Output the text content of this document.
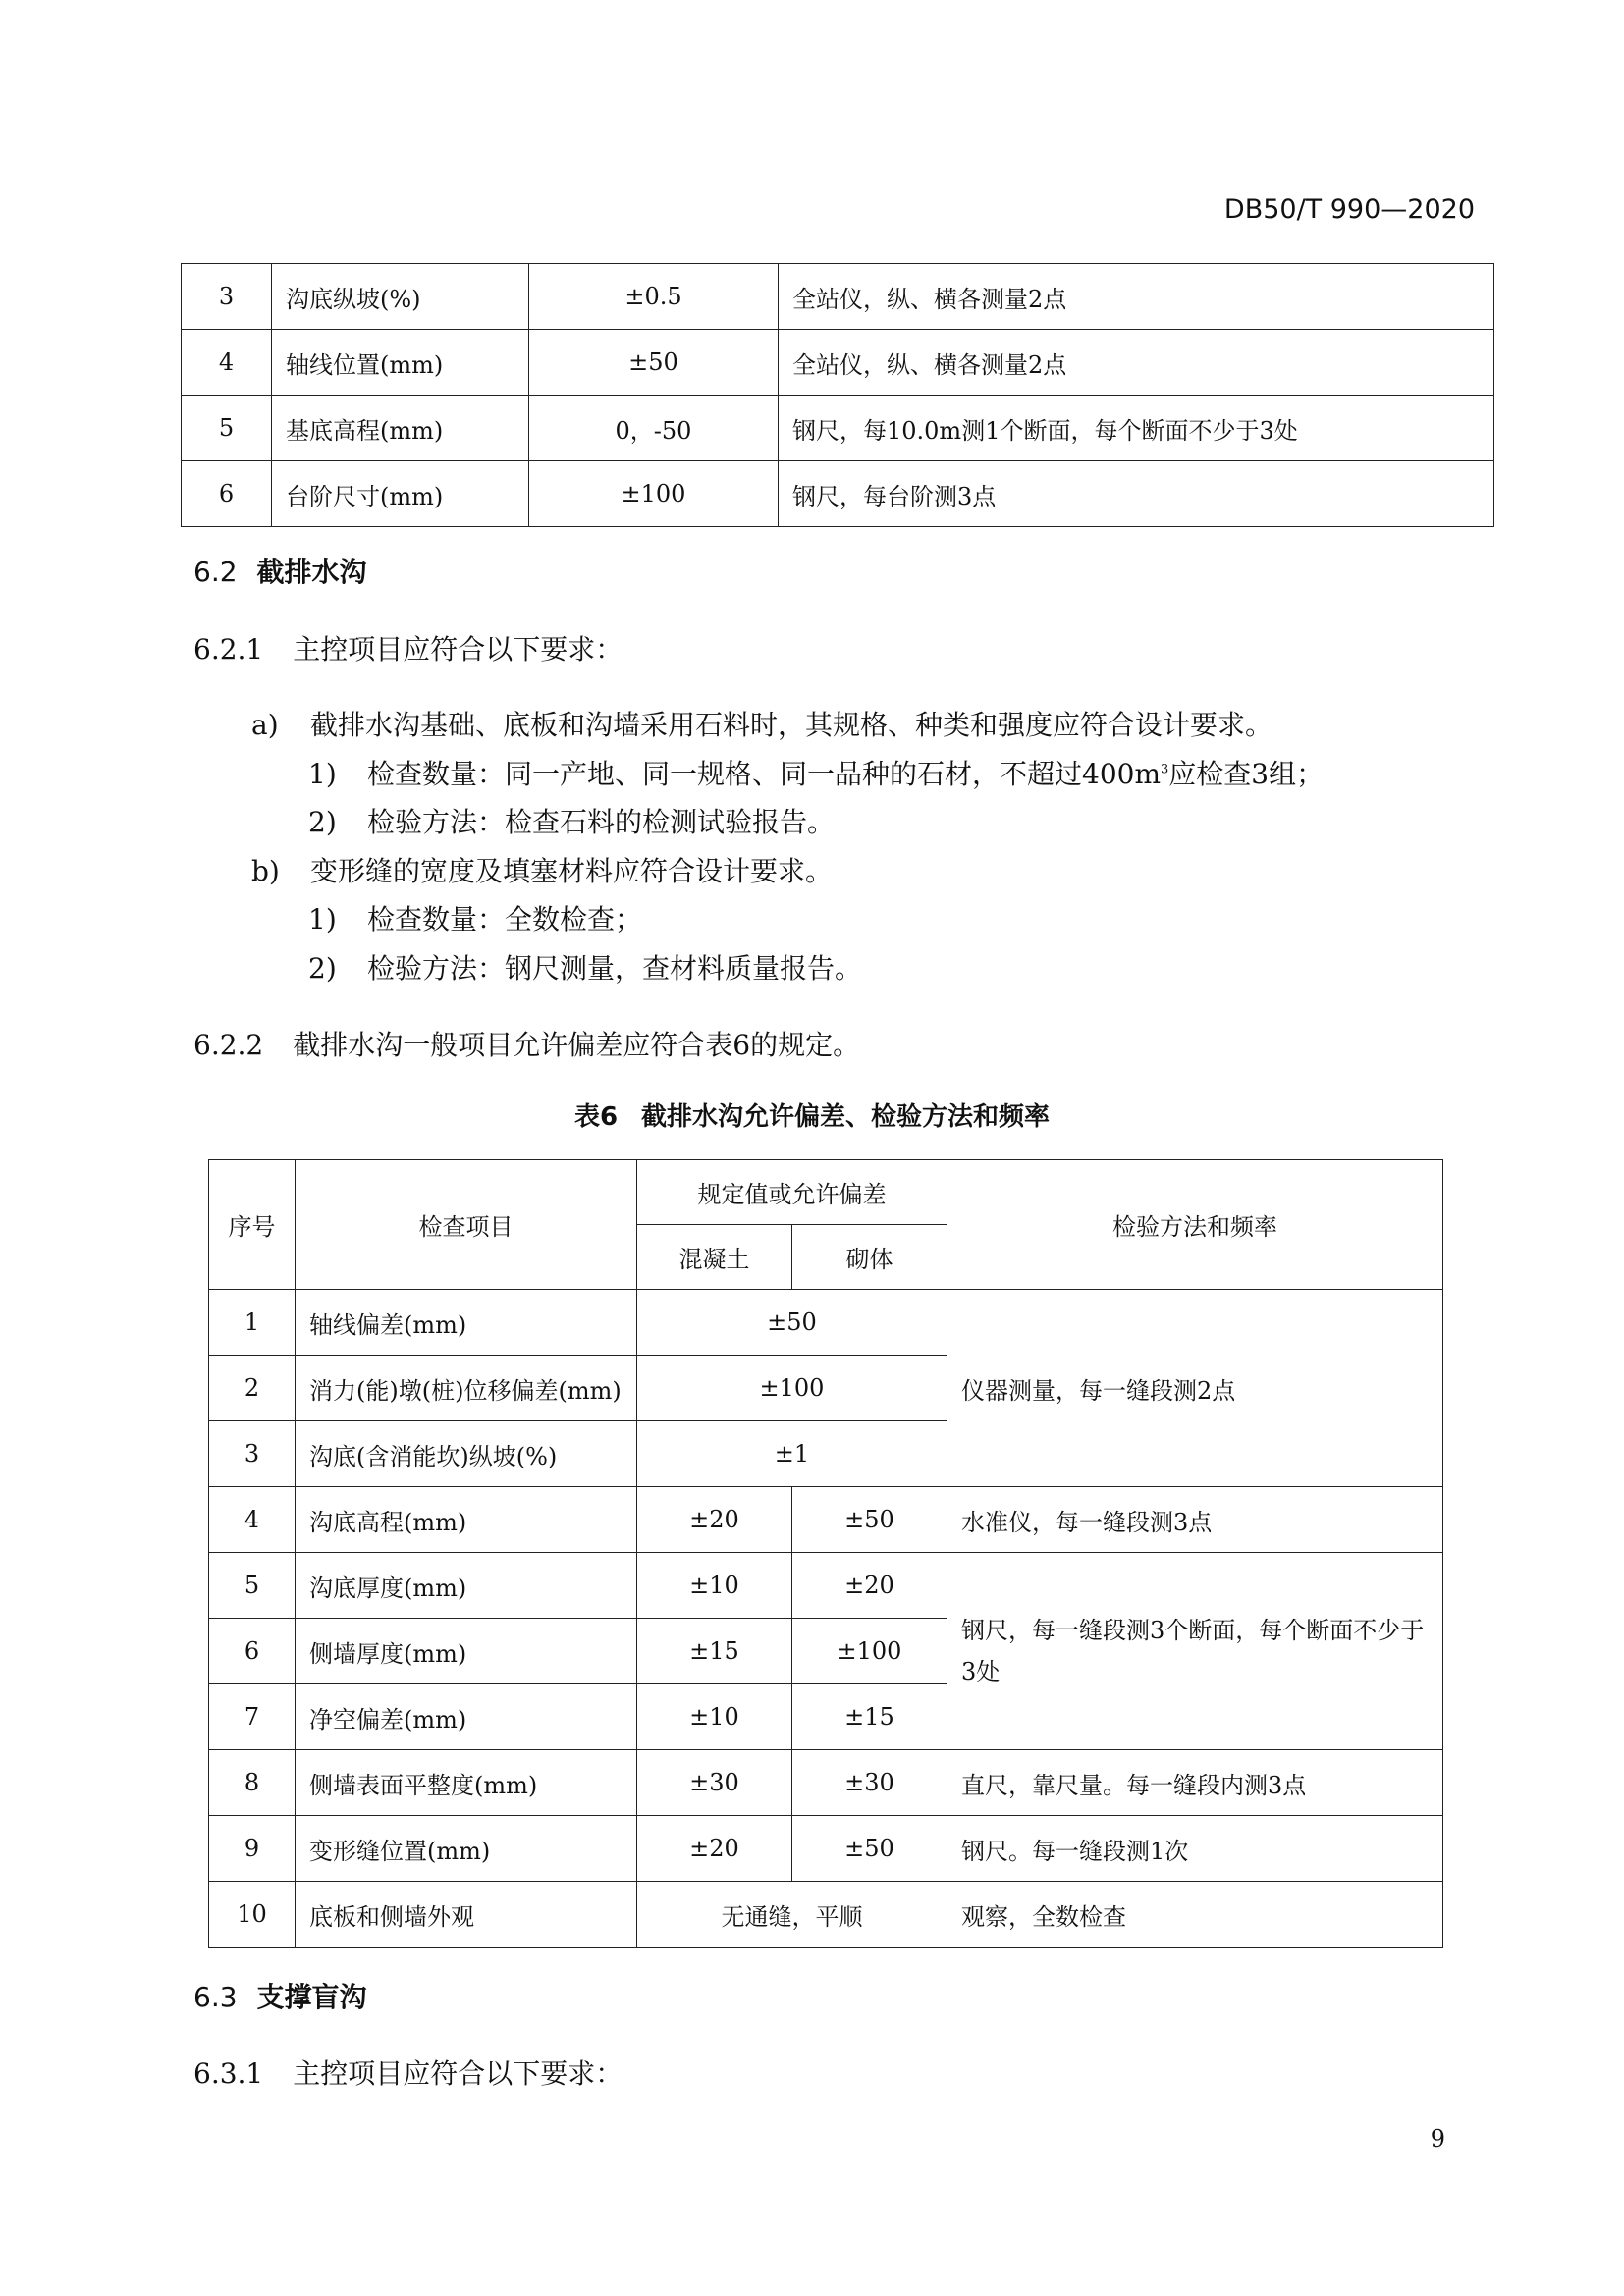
DB50/T 990—2020
3	沟底纵坡(%)	±0.5	全站仪，纵、横各测量2点
4	轴线位置(mm)	±50	全站仪，纵、横各测量2点
5	基底高程(mm)	0，-50	钢尺，每10.0m测1个断面，每个断面不少于3处
6	台阶尺寸(mm)	±100	钢尺，每台阶测3点
6.2 截排水沟
6.2.1 主控项目应符合以下要求：
a) 截排水沟基础、底板和沟墙采用石料时，其规格、种类和强度应符合设计要求。
1) 检查数量：同一产地、同一规格、同一品种的石材，不超过$400m^3$应检查3组；
2) 检验方法：检查石料的检测试验报告。
b) 变形缝的宽度及填塞材料应符合设计要求。
1) 检查数量：全数检查；
2) 检验方法：钢尺测量，查材料质量报告。
6.2.2 截排水沟一般项目允许偏差应符合表6的规定。
表6 截排水沟允许偏差、检验方法和频率
序号	检查项目	规定值或允许偏差		检验方法和频率
		混凝土	砌体	
1	轴线偏差(mm)	±50		仪器测量，每一缝段测2点
2	消力(能)墩(桩)位移偏差(mm)	±100		
3	沟底(含消能坎)纵坡(%)	±1		
4	沟底高程(mm)	±20	±50	水准仪，每一缝段测3点
5	沟底厚度(mm)	±10	±20	钢尺，每一缝段测3个断面，每个断面不少于3处
6	侧墙厚度(mm)	±15	±100	
7	净空偏差(mm)	±10	±15	
8	侧墙表面平整度(mm)	±30	±30	直尺，靠尺量。每一缝段内测3点
9	变形缝位置(mm)	±20	±50	钢尺。每一缝段测1次
10	底板和侧墙外观	无通缝，平顺		观察，全数检查
6.3 支撑盲沟
6.3.1 主控项目应符合以下要求：
9
